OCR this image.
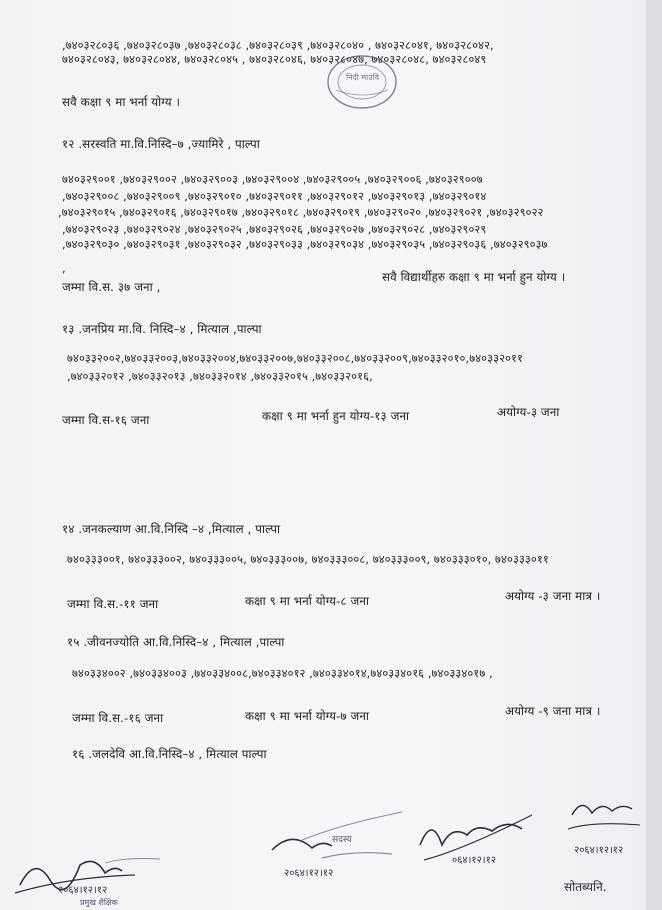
,७४०३२८०३६ ,७४०३२८०३७ ,७४०३२८०३८ ,७४०३२८०३९ ,७४०३२८०४० , ७४०३२८०४१, ७४०३२८०४२,
७४०३२८०४३, ७४०३२८०४४, ७४०३२८०४५ , ७४०३२८०४६, ७४०३२८०४७, ७४०३२८०४८, ७४०३२८०४९
सवै कक्षा ९ मा भर्ना योग्य ।
१२ .सरस्वति मा.वि.निस्दि–७ ,ज्यामिरे , पाल्पा
७४०३२९००१ ,७४०३२९००२ ,७४०३२९००३ ,७४०३२९००४ ,७४०३२९००५ ,७४०३२९००६ ,७४०३२९००७
,७४०३२९००८ ,७४०३२९००९ ,७४०३२९०१० ,७४०३२९०११ ,७४०३२९०१२ ,७४०३२९०१३ ,७४०३२९०१४
,७४०३२९०१५ ,७४०३२९०१६ ,७४०३२९०१७ ,७४०३२९०१८ ,७४०३२९०१९ ,७४०३२९०२० ,७४०३२९०२१ ,७४०३२९०२२
,७४०३२९०२३ ,७४०३२९०२४ ,७४०३२९०२५ ,७४०३२९०२६ ,७४०३२९०२७ ,७४०३२९०२८ ,७४०३२९०२९
,७४०३२९०३० ,७४०३२९०३१ ,७४०३२९०३२ ,७४०३२९०३३ ,७४०३२९०३४ ,७४०३२९०३५ ,७४०३२९०३६ ,७४०३२९०३७
,
जम्मा वि.स. ३७ जना ,
सवै विद्यार्थीहरु कक्षा ९ मा भर्ना हुन योग्य ।
१३ .जनप्रिय मा.वि. निस्दि–४ , मित्याल ,पाल्पा
७४०३३२००२,७४०३३२००३,७४०३३२००४,७४०३३२००७,७४०३३२००८,७४०३३२००९,७४०३३२०१०,७४०३३२०११
,७४०३३२०१२ ,७४०३३२०१३ ,७४०३३२०१४ ,७४०३३२०१५ ,७४०३३२०१६,
जम्मा वि.स-१६ जना	कक्षा ९ मा भर्ना हुन योग्य-१३ जना	अयोग्य-३ जना
१४ .जनकल्याण आ.वि.निस्दि –४ ,मित्याल , पाल्पा
७४०३३३००१, ७४०३३३००२, ७४०३३३००५, ७४०३३३००७, ७४०३३३००८, ७४०३३३००९, ७४०३३३०१०, ७४०३३३०११
जम्मा वि.स.-११ जना	कक्षा ९ मा भर्ना योग्य-८ जना	अयोग्य -३ जना मात्र ।
१५ .जीवनज्योति आ.वि.निस्दि–४ , मित्याल ,पाल्पा
७४०३३४००२ ,७४०३३४००३ ,७४०३३४००८,७४०३३४०१२ ,७४०३३४०१४,७४०३३४०१६ ,७४०३३४०१७ ,
जम्मा वि.स.-१६ जना	कक्षा ९ मा भर्ना योग्य-७ जना	अयोग्य -९ जना मात्र ।
१६ .जलदेवि आ.वि.निस्दि–४ , मित्याल पाल्पा
निदी माउवि
२०६४।१२।१२
प्रमुख शैक्षिक
सदस्य
२०६४।१२।१२
०६४।१२।१२
२०६४।१२।१२
सोतब्यनि.
